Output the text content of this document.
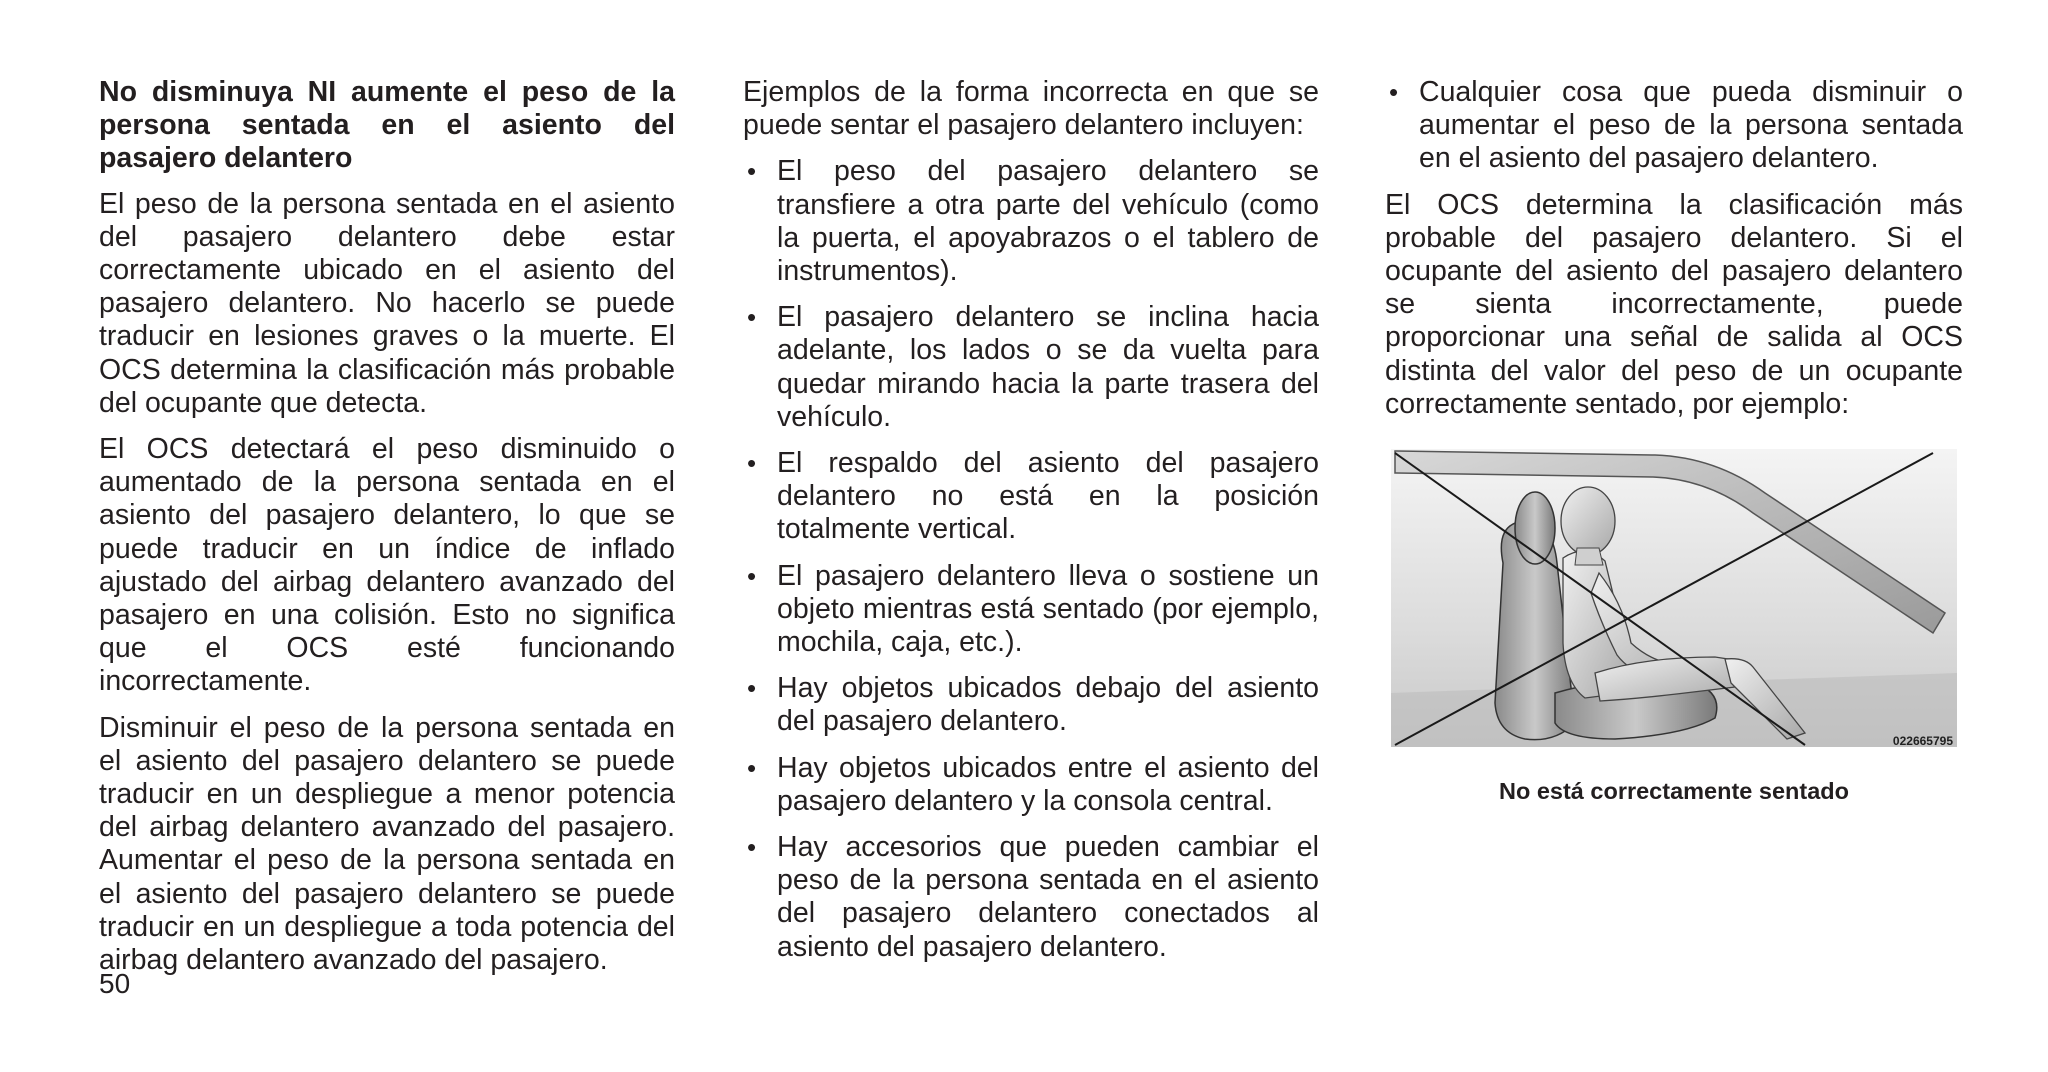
No disminuya NI aumente el peso de la persona sentada en el asiento del pasajero delantero

El peso de la persona sentada en el asiento del pasajero delantero debe estar correctamente ubicado en el asiento del pasajero delantero. No hacerlo se puede traducir en lesiones graves o la muerte. El OCS determina la clasificación más probable del ocupante que detecta.

El OCS detectará el peso disminuido o aumentado de la persona sentada en el asiento del pasajero delantero, lo que se puede traducir en un índice de inflado ajustado del airbag delantero avanzado del pasajero en una colisión. Esto no significa que el OCS esté funcionando incorrectamente.

Disminuir el peso de la persona sentada en el asiento del pasajero delantero se puede traducir en un despliegue a menor potencia del airbag delantero avanzado del pasajero. Aumentar el peso de la persona sentada en el asiento del pasajero delantero se puede traducir en un despliegue a toda potencia del airbag delantero avanzado del pasajero.

Ejemplos de la forma incorrecta en que se puede sentar el pasajero delantero incluyen:

• El peso del pasajero delantero se transfiere a otra parte del vehículo (como la puerta, el apoyabrazos o el tablero de instrumentos).
• El pasajero delantero se inclina hacia adelante, los lados o se da vuelta para quedar mirando hacia la parte trasera del vehículo.
• El respaldo del asiento del pasajero delantero no está en la posición totalmente vertical.
• El pasajero delantero lleva o sostiene un objeto mientras está sentado (por ejemplo, mochila, caja, etc.).
• Hay objetos ubicados debajo del asiento del pasajero delantero.
• Hay objetos ubicados entre el asiento del pasajero delantero y la consola central.
• Hay accesorios que pueden cambiar el peso de la persona sentada en el asiento del pasajero delantero conectados al asiento del pasajero delantero.
• Cualquier cosa que pueda disminuir o aumentar el peso de la persona sentada en el asiento del pasajero delantero.

El OCS determina la clasificación más probable del pasajero delantero. Si el ocupante del asiento del pasajero delantero se sienta incorrectamente, puede proporcionar una señal de salida al OCS distinta del valor del peso de un ocupante correctamente sentado, por ejemplo:

022665795
No está correctamente sentado
50
